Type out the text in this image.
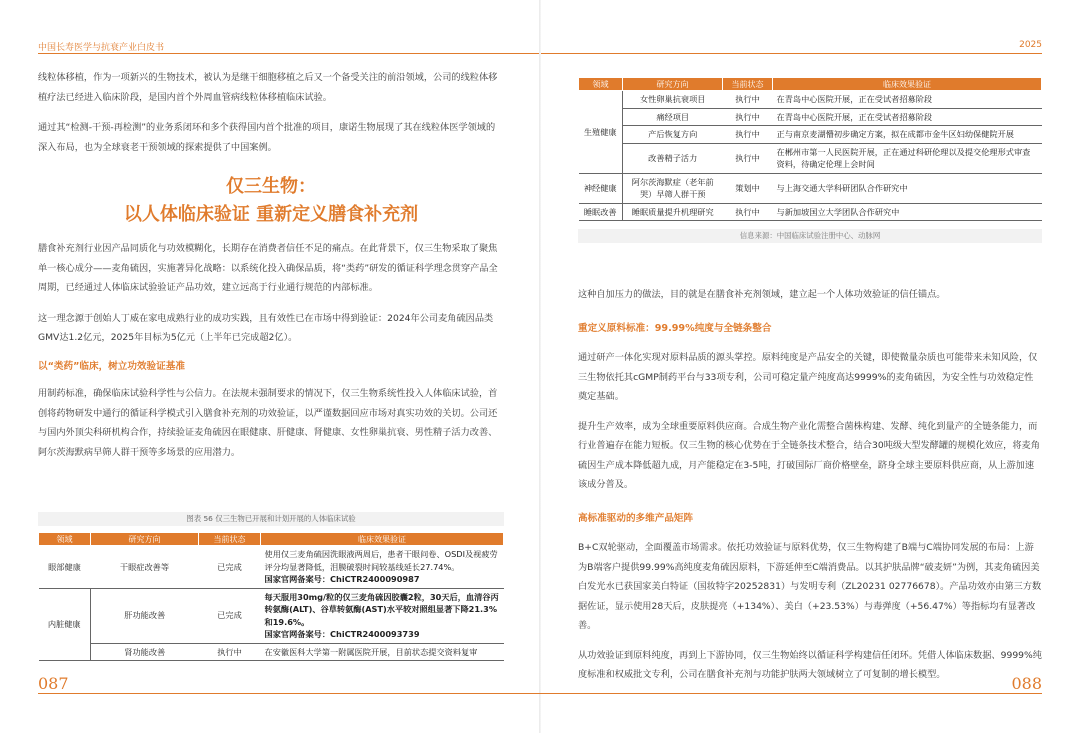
中国长寿医学与抗衰产业白皮书	2025

线粒体移植，作为一项新兴的生物技术，被认为是继干细胞移植之后又一个备受关注的前沿领域，公司的线粒体移植疗法已经进入临床阶段，是国内首个外周血管病线粒体移植临床试验。

通过其“检测-干预-再检测”的业务系闭环和多个获得国内首个批准的项目，康诺生物展现了其在线粒体医学领域的深入布局，也为全球衰老干预领域的探索提供了中国案例。

仅三生物：
以人体临床验证 重新定义膳食补充剂

膳食补充剂行业因产品同质化与功效模糊化，长期存在消费者信任不足的痛点。在此背景下，仅三生物采取了聚焦单一核心成分——麦角硫因，实施著异化战略：以系统化投入确保品质，将“类药”研发的循证科学理念贯穿产品全周期，已经通过人体临床试验验证产品功效，建立远高于行业通行规范的内部标准。

这一理念源于创始人丁威在家电成熟行业的成功实践，且有效性已在市场中得到验证：2024年公司麦角硫因品类GMV达1.2亿元，2025年目标为5亿元（上半年已完成超2亿）。

以“类药”临床，树立功效验证基准

用制药标准，确保临床试验科学性与公信力。在法规未强制要求的情况下，仅三生物系统性投入人体临床试验，首创将药物研发中通行的循证科学模式引入膳食补充剂的功效验证，以严谨数据回应市场对真实功效的关切。公司还与国内外顶尖科研机构合作，持续验证麦角硫因在眼健康、肝健康、肾健康、女性卵巢抗衰、男性精子活力改善、阿尔茨海默病早筛人群干预等多场景的应用潜力。

图表 56 仅三生物已开展和计划开展的人体临床试验
领域	研究方向	当前状态	临床效果验证
眼部健康	干眼症改善等	已完成	使用仅三麦角硫因洗眼液两周后，患者干眼问卷、OSDI及视疲劳评分均显著降低，泪膜破裂时间较基线延长27.74%。
国家官网备案号：ChiCTR2400090987

内脏健康	肝功能改善	已完成	每天服用30mg/粒的仅三麦角硫因胶囊2粒，30天后，血清谷丙转氨酶(ALT)、谷草转氨酶(AST)水平较对照组显著下降21.3%和19.6%。
国家官网备案号：ChiCTR2400093739

	肾功能改善	执行中	在安徽医科大学第一附属医院开展，目前状态提交资料复审
领域	研究方向	当前状态	临床效果验证
生殖健康	女性卵巢抗衰项目	执行中	在青岛中心医院开展，正在受试者招募阶段
	痛经项目	执行中	在青岛中心医院开展，正在受试者招募阶段
	产后恢复方向	执行中	正与南京麦湖懵初步确定方案，拟在成都市金牛区妇幼保健院开展
	改善精子活力	执行中	在郴州市第一人民医院开展，正在通过科研伦理以及提交伦理形式审查资料，待确定伦理上会时间
神经健康	阿尔茨海默症（老年前哭）早筛人群干预	策划中	与上海交通大学科研团队合作研究中
睡眠改善	睡眠质量提升机理研究	执行中	与新加坡国立大学团队合作研究中
信息来源：中国临床试验注册中心、动脉网

这种自加压力的做法，目的就是在膳食补充剂领域，建立起一个人体功效验证的信任锚点。

重定义原料标准：99.99%纯度与全链条整合

通过研产一体化实现对原料品质的源头掌控。原料纯度是产品安全的关键，即使微量杂质也可能带来未知风险，仅三生物依托其cGMP制药平台与33项专利，公司可稳定量产纯度高达9999%的麦角硫因，为安全性与功效稳定性奠定基础。

提升生产效率，成为全球重要原料供应商。合成生物产业化需整合菌株构建、发酵、纯化到量产的全链条能力，而行业普遍存在能力短板。仅三生物的核心优势在于全链条技术整合，结合30吨级大型发酵罐的规模化效应，将麦角硫因生产成本降低超九成，月产能稳定在3-5吨，打破国际厂商价格壁垒，跻身全球主要原料供应商，从上游加速该成分普及。

高标准驱动的多维产品矩阵

B+C双轮驱动，全面覆盖市场需求。依托功效验证与原料优势，仅三生物构建了B端与C端协同发展的布局：上游为B端客户提供99.99%高纯度麦角硫因原料，下游延伸至C端消费品。以其护肤品牌“破麦妍”为例，其麦角硫因美白发光水已获国家美白特证（国妆特字20252831）与发明专利（ZL20231 02776678）。产品功效亦由第三方数据佐证，显示使用28天后，皮肤提亮（+134%）、美白（+23.53%）与毒弹度（+56.47%）等指标均有显著改善。

从功效验证到原料纯度，再到上下游协同，仅三生物始终以循证科学构建信任闭环。凭借人体临床数据、9999%纯度标准和权威批文专利，公司在膳食补充剂与功能护肤两大领域树立了可复制的增长模型。

087	088
